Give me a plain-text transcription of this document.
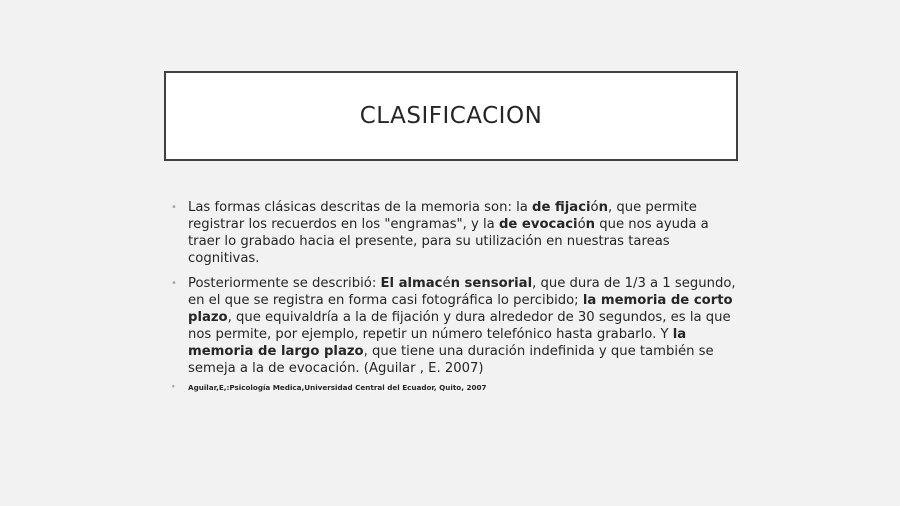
CLASIFICACION

• Las formas clásicas descritas de la memoria son: la de fijación, que permite registrar los recuerdos en los "engramas", y la de evocación que nos ayuda a traer lo grabado hacia el presente, para su utilización en nuestras tareas cognitivas.

• Posteriormente se describió: El almacén sensorial, que dura de 1/3 a 1 segundo, en el que se registra en forma casi fotográfica lo percibido; la memoria de corto plazo, que equivaldría a la de fijación y dura alrededor de 30 segundos, es la que nos permite, por ejemplo, repetir un número telefónico hasta grabarlo. Y la memoria de largo plazo, que tiene una duración indefinida y que también se semeja a la de evocación. (Aguilar , E. 2007)

• Aguilar,E,:Psicología Medica,Universidad Central del Ecuador, Quito, 2007
